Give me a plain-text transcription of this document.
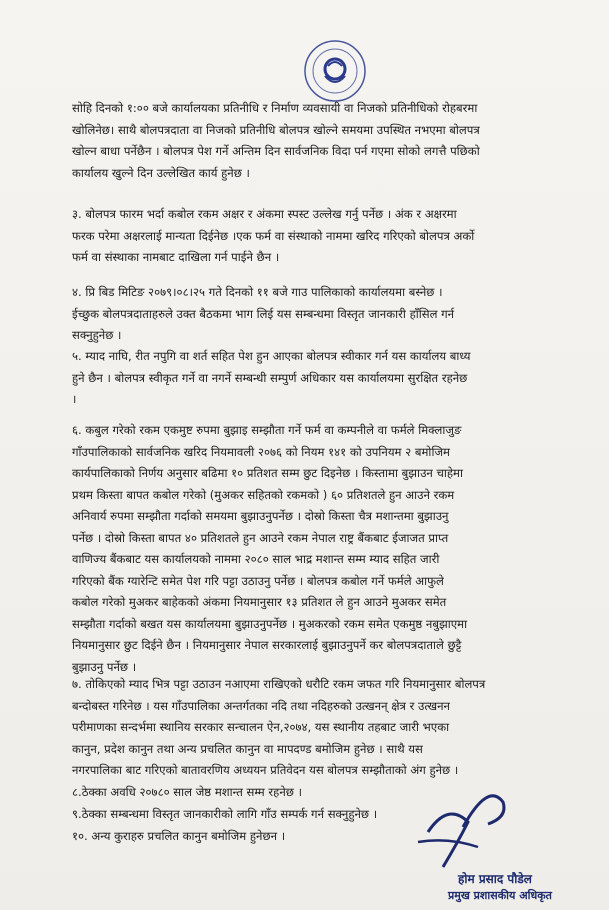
सोहि दिनको १:०० बजे कार्यालयका प्रतिनीधि र निर्माण व्यवसायी वा निजको प्रतिनीधिको रोहबरमा
खोलिनेछ। साथै बोलपत्रदाता वा निजको प्रतिनीधि बोलपत्र खोल्ने समयमा उपस्थित नभएमा बोलपत्र
खोल्न बाधा पर्नेछैन । बोलपत्र पेश गर्ने अन्तिम दिन सार्वजनिक विदा पर्न गएमा सोको लगत्तै पछिको
कार्यालय खुल्ने दिन उल्लेखित कार्य हुनेछ ।
३. बोलपत्र फारम भर्दा कबोल रकम अक्षर र अंकमा स्पस्ट उल्लेख गर्नु पर्नेछ । अंक र अक्षरमा
फरक परेमा अक्षरलाई मान्यता दिईनेछ ।एक फर्म वा संस्थाको नाममा खरिद गरिएको बोलपत्र अर्को
फर्म वा संस्थाका नामबाट दाखिला गर्न पाईने छैन ।
४. प्रि बिड मिटिङ २०७९।०८।२५ गते दिनको ११ बजे गाउ पालिकाको कार्यालयमा बस्नेछ ।
ईच्छुक बोलपत्रदाताहरुले उक्त बैठकमा भाग लिई यस सम्बन्धमा विस्तृत जानकारी हाँसिल गर्न
सक्नुहुनेछ ।
५. म्याद नाघि, रीत नपुगि वा शर्त सहित पेश हुन आएका बोलपत्र स्वीकार गर्न यस कार्यालय बाध्य
हुने छैन । बोलपत्र स्वीकृत गर्ने वा नगर्ने सम्बन्धी सम्पुर्ण अधिकार यस कार्यालयमा सुरक्षित रहनेछ
।
६. कबुल गरेको रकम एकमुष्ट रुपमा बुझाइ सम्झौता गर्ने फर्म वा कम्पनीले वा फर्मले मिक्लाजुङ
गाँउपालिकाको सार्वजनिक खरिद नियमावली २०७६ को नियम १४१ को उपनियम २ बमोजिम
कार्यपालिकाको निर्णय अनुसार बढिमा १० प्रतिशत सम्म छुट दिइनेछ । किस्तामा बुझाउन चाहेमा
प्रथम किस्ता बापत कबोल गरेको (मुअकर सहितको रकमको ) ६० प्रतिशतले हुन आउने रकम
अनिवार्य रुपमा सम्झौता गर्दाको समयमा बुझाउनुपर्नेछ । दोस्रो किस्ता चैत्र मशान्तमा बुझाउनु
पर्नेछ । दोस्रो किस्ता बापत ४० प्रतिशतले हुन आउने रकम नेपाल राष्ट्र बैंकबाट ईजाजत प्राप्त
वाणिज्य बैंकबाट यस कार्यालयको नाममा २०८० साल भाद्र मशान्त सम्म म्याद सहित जारी
गरिएको बैंक ग्यारेन्टि समेत पेश गरि पट्टा उठाउनु पर्नेछ । बोलपत्र कबोल गर्ने फर्मले आफुले
कबोल गरेको मुअकर बाहेकको अंकमा नियमानुसार १३ प्रतिशत ले हुन आउने मुअकर समेत
सम्झौता गर्दाको बखत यस कार्यालयमा बुझाउनुपर्नेछ । मुअकरको रकम समेत एकमुष्ठ नबुझाएमा
नियमानुसार छुट दिईने छैन । नियमानुसार नेपाल सरकारलाई बुझाउनुपर्ने कर बोलपत्रदाताले छुट्टै
बुझाउनु पर्नेछ ।
७. तोकिएको म्याद भित्र पट्टा उठाउन नआएमा राखिएको धरौटि रकम जफत गरि नियमानुसार बोलपत्र
बन्दोबस्त गरिनेछ । यस गाँउपालिका अन्तर्गतका नदि तथा नदिहरुको उत्खनन् क्षेत्र र उत्खनन
परीमाणका सन्दर्भमा स्थानिय सरकार सन्चालन ऐन,२०७४, यस स्थानीय तहबाट जारी भएका
कानुन, प्रदेश कानुन तथा अन्य प्रचलित कानुन वा मापदण्ड बमोजिम हुनेछ । साथै यस
नगरपालिका बाट गरिएको बातावरणिय अध्ययन प्रतिवेदन यस बोलपत्र सम्झौताको अंग हुनेछ ।
८.ठेक्का अवधि २०७८० साल जेष्ठ मशान्त सम्म रहनेछ ।
९.ठेक्का सम्बन्धमा विस्तृत जानकारीको लागि गाँउ सम्पर्क गर्न सक्नुहुनेछ ।
१०. अन्य कुराहरु प्रचलित कानुन बमोजिम हुनेछन ।
होम प्रसाद पौडेल
प्रमुख प्रशासकीय अधिकृत
